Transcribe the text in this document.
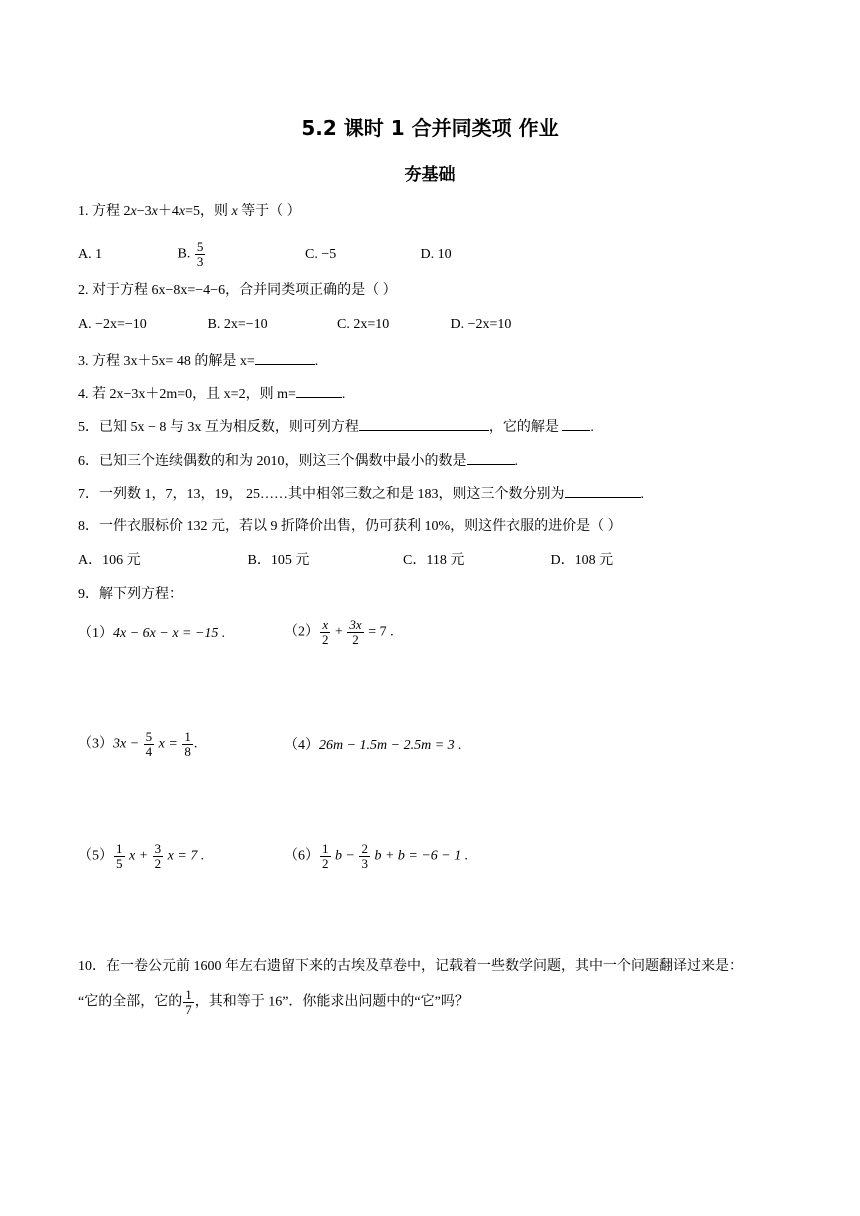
5.2 课时 1 合并同类项 作业
夯基础
1. 方程 2x−3x＋4x=5，则 x 等于（ ）
A. 1	B. $\frac{5}{3}$	C. −5	D. 10
2. 对于方程 6x−8x=−4−6，合并同类项正确的是（ ）
A. −2x=−10	B. 2x=−10	C. 2x=10	D. −2x=10
3. 方程 3x＋5x= 48 的解是 x=	.
4. 若 2x−3x＋2m=0，且 x=2，则 m=	.
5．已知 5x − 8 与 3x 互为相反数，则可列方程	，它的解是 .
6．已知三个连续偶数的和为 2010，则这三个偶数中最小的数是	.
7．一列数 1，7，13，19， 25……其中相邻三数之和是 183，则这三个数分别为	.
8．一件衣服标价 132 元，若以 9 折降价出售，仍可获利 10%，则这件衣服的进价是（ ）
A．106 元	B．105 元	C．118 元	D．108 元
9．解下列方程：
（1）4x − 6x − x = −15 .	$(2) \frac{x}{2} + \frac{3x}{2} = 7$ .
$(3)3x - \frac{5}{4}$ $x = \frac{1}{8}$ .	（4）26m − 1.5m − 2.5m = 3 .
$(5) \frac{1}{5}$ $x + \frac{3}{2}$ x = 7 .	$(6) \frac{1}{2}$ $b - \frac{2}{3}$ b + b = −6 − 1 .
10．在一卷公元前 1600 年左右遗留下来的古埃及草卷中，记载着一些数学问题，其中一个问题翻译过来是：
“它的全部，它的 $\frac{1}{7}$ ，其和等于 16”．你能求出问题中的“它”吗？
